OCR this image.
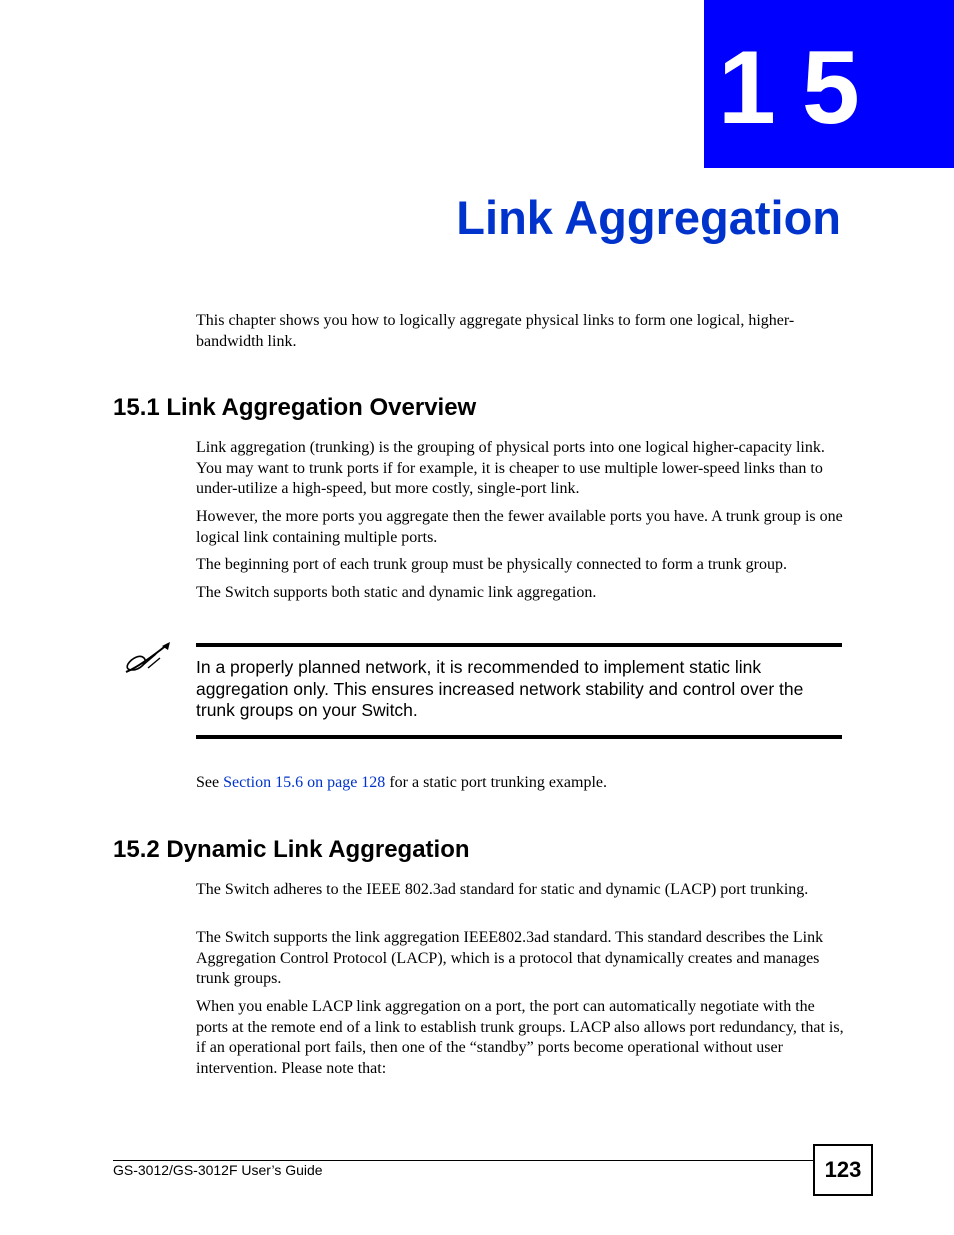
15
Link Aggregation

This chapter shows you how to logically aggregate physical links to form one logical, higher-bandwidth link.

15.1 Link Aggregation Overview

Link aggregation (trunking) is the grouping of physical ports into one logical higher-capacity link. You may want to trunk ports if for example, it is cheaper to use multiple lower-speed links than to under-utilize a high-speed, but more costly, single-port link.

However, the more ports you aggregate then the fewer available ports you have. A trunk group is one logical link containing multiple ports.

The beginning port of each trunk group must be physically connected to form a trunk group.

The Switch supports both static and dynamic link aggregation.

In a properly planned network, it is recommended to implement static link aggregation only. This ensures increased network stability and control over the trunk groups on your Switch.

See Section 15.6 on page 128 for a static port trunking example.

15.2 Dynamic Link Aggregation

The Switch adheres to the IEEE 802.3ad standard for static and dynamic (LACP) port trunking.

The Switch supports the link aggregation IEEE802.3ad standard. This standard describes the Link Aggregation Control Protocol (LACP), which is a protocol that dynamically creates and manages trunk groups.

When you enable LACP link aggregation on a port, the port can automatically negotiate with the ports at the remote end of a link to establish trunk groups. LACP also allows port redundancy, that is, if an operational port fails, then one of the “standby” ports become operational without user intervention. Please note that:

GS-3012/GS-3012F User’s Guide	123
